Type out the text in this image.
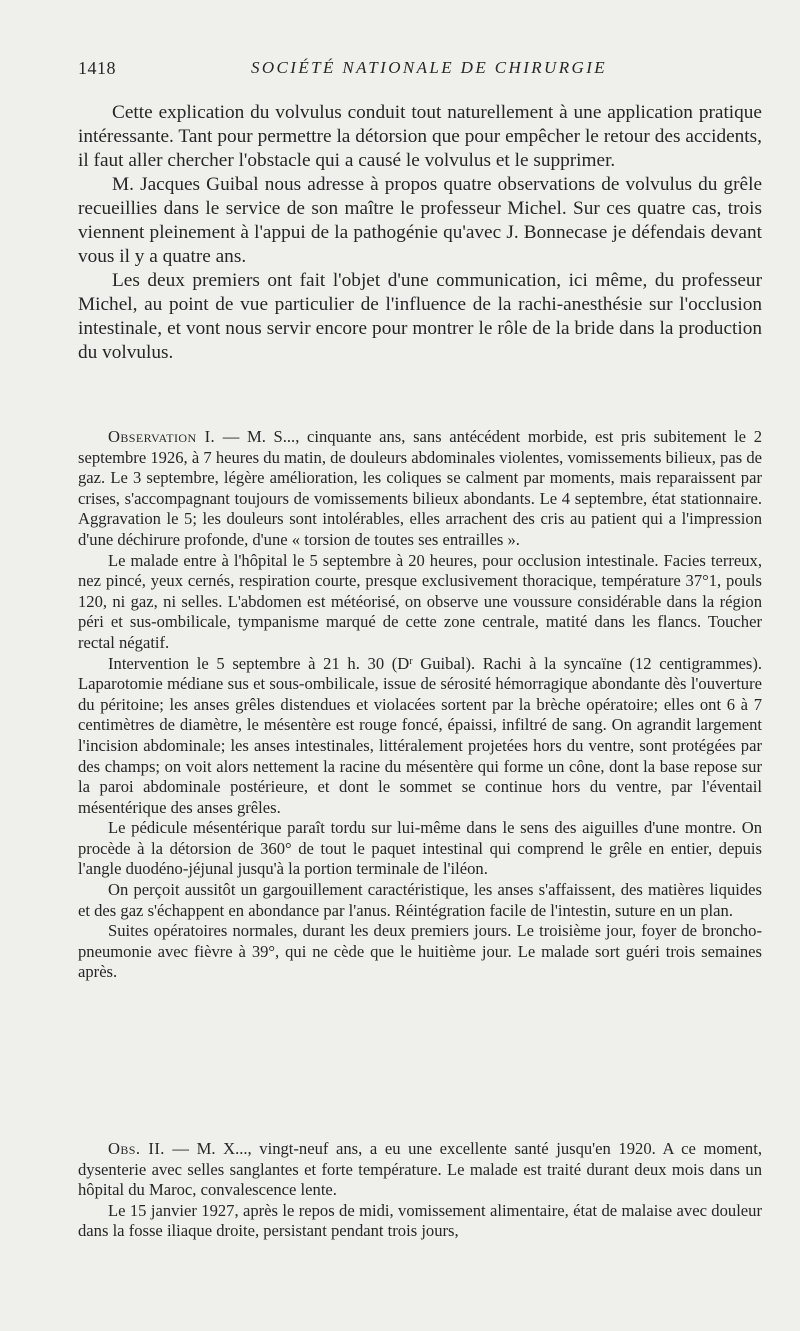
1418	SOCIÉTÉ NATIONALE DE CHIRURGIE

Cette explication du volvulus conduit tout naturellement à une application pratique intéressante. Tant pour permettre la détorsion que pour empêcher le retour des accidents, il faut aller chercher l'obstacle qui a causé le volvulus et le supprimer.

M. Jacques Guibal nous adresse à propos quatre observations de volvulus du grêle recueillies dans le service de son maître le professeur Michel. Sur ces quatre cas, trois viennent pleinement à l'appui de la pathogénie qu'avec J. Bonnecase je défendais devant vous il y a quatre ans.

Les deux premiers ont fait l'objet d'une communication, ici même, du professeur Michel, au point de vue particulier de l'influence de la rachi-anesthésie sur l'occlusion intestinale, et vont nous servir encore pour montrer le rôle de la bride dans la production du volvulus.

Observation I. — M. S..., cinquante ans, sans antécédent morbide, est pris subitement le 2 septembre 1926, à 7 heures du matin, de douleurs abdominales violentes, vomissements bilieux, pas de gaz. Le 3 septembre, légère amélioration, les coliques se calment par moments, mais reparaissent par crises, s'accompagnant toujours de vomissements bilieux abondants. Le 4 septembre, état stationnaire. Aggravation le 5; les douleurs sont intolérables, elles arrachent des cris au patient qui a l'impression d'une déchirure profonde, d'une « torsion de toutes ses entrailles ».

Le malade entre à l'hôpital le 5 septembre à 20 heures, pour occlusion intestinale. Facies terreux, nez pincé, yeux cernés, respiration courte, presque exclusivement thoracique, température 37°1, pouls 120, ni gaz, ni selles. L'abdomen est météorisé, on observe une voussure considérable dans la région péri et sus-ombilicale, tympanisme marqué de cette zone centrale, matité dans les flancs. Toucher rectal négatif.

Intervention le 5 septembre à 21 h. 30 ($D^r$ Guibal). Rachi à la syncaïne (12 centigrammes). Laparotomie médiane sus et sous-ombilicale, issue de sérosité hémorragique abondante dès l'ouverture du péritoine; les anses grêles distendues et violacées sortent par la brèche opératoire; elles ont 6 à 7 centimètres de diamètre, le mésentère est rouge foncé, épaissi, infiltré de sang. On agrandit largement l'incision abdominale; les anses intestinales, littéralement projetées hors du ventre, sont protégées par des champs; on voit alors nettement la racine du mésentère qui forme un cône, dont la base repose sur la paroi abdominale postérieure, et dont le sommet se continue hors du ventre, par l'éventail mésentérique des anses grêles.

Le pédicule mésentérique paraît tordu sur lui-même dans le sens des aiguilles d'une montre. On procède à la détorsion de 360° de tout le paquet intestinal qui comprend le grêle en entier, depuis l'angle duodéno-jéjunal jusqu'à la portion terminale de l'iléon.

On perçoit aussitôt un gargouillement caractéristique, les anses s'affaissent, des matières liquides et des gaz s'échappent en abondance par l'anus. Réintégration facile de l'intestin, suture en un plan.

Suites opératoires normales, durant les deux premiers jours. Le troisième jour, foyer de broncho-pneumonie avec fièvre à 39°, qui ne cède que le huitième jour. Le malade sort guéri trois semaines après.

Obs. II. — M. X..., vingt-neuf ans, a eu une excellente santé jusqu'en 1920. A ce moment, dysenterie avec selles sanglantes et forte température. Le malade est traité durant deux mois dans un hôpital du Maroc, convalescence lente.

Le 15 janvier 1927, après le repos de midi, vomissement alimentaire, état de malaise avec douleur dans la fosse iliaque droite, persistant pendant trois jours,
